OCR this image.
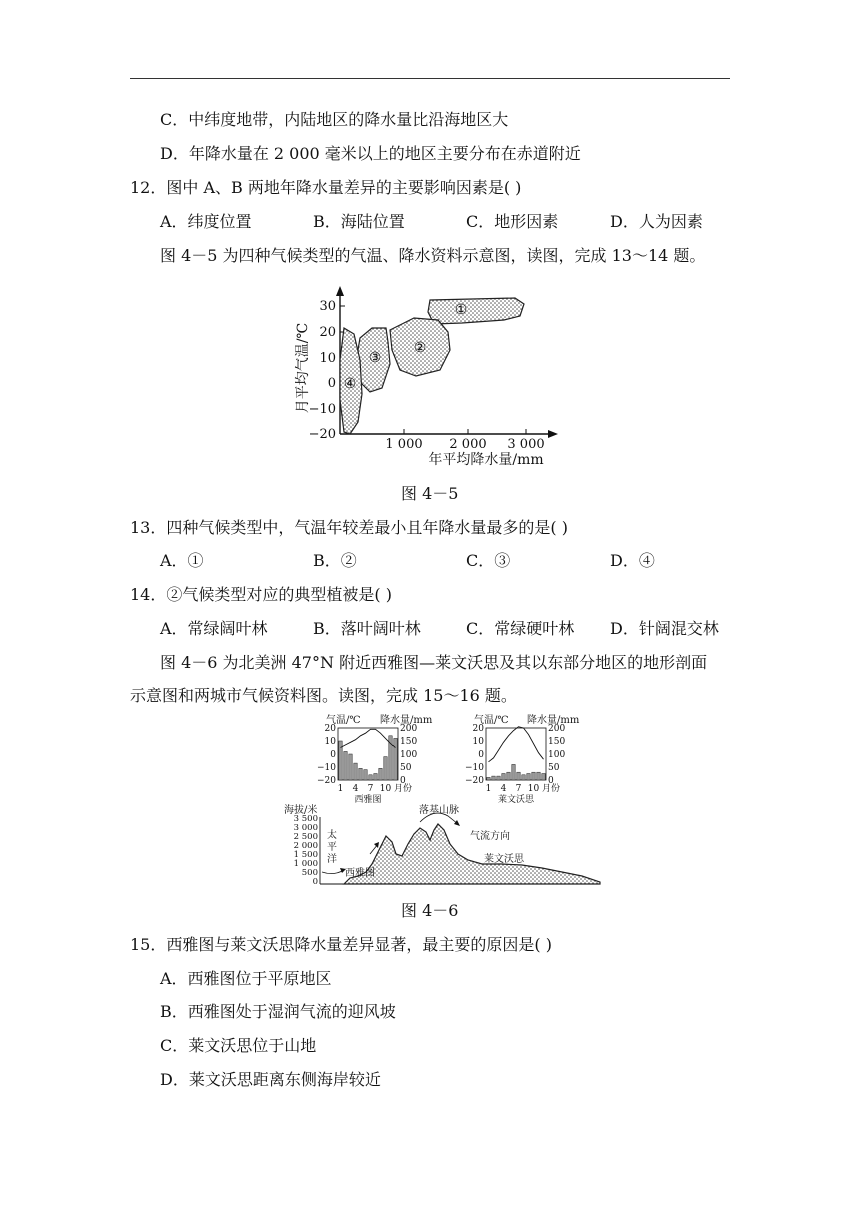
C．中纬度地带，内陆地区的降水量比沿海地区大
D．年降水量在 2 000 毫米以上的地区主要分布在赤道附近
12．图中 A、B 两地年降水量差异的主要影响因素是( )
A．纬度位置	B．海陆位置	C．地形因素	D．人为因素
图 4－5 为四种气候类型的气温、降水资料示意图，读图，完成 13～14 题。
30
20
10
0
−10
−20
1 000 2 000 3 000
年平均降水量/mm
月平均气温/℃
①
②
③
④
图 4－5
13．四种气候类型中，气温年较差最小且年降水量最多的是( )
A．①	B．②	C．③	D．④
14．②气候类型对应的典型植被是( )
A．常绿阔叶林	B．落叶阔叶林	C．常绿硬叶林 D．针阔混交林
图 4－6 为北美洲 47°N 附近西雅图—莱文沃思及其以东部分地区的地形剖面
示意图和两城市气候资料图。读图，完成 15～16 题。
气温/℃ 降水量/mm
20
10
0
−10
−20
200
150
100
50
0
1 4 7 10 月份
西雅图
气温/℃ 降水量/mm
20
10
0
−10
−20
200
150
100
50
0
1 4 7 10 月份
莱文沃思
海拔/米
3 500
3 000
2 500
2 000
1 500
1 000
500
0
太
平
洋
西雅图
落基山脉
气流方向
莱文沃思
图 4－6
15．西雅图与莱文沃思降水量差异显著，最主要的原因是( )
A．西雅图位于平原地区
B．西雅图处于湿润气流的迎风坡
C．莱文沃思位于山地
D．莱文沃思距离东侧海岸较近
